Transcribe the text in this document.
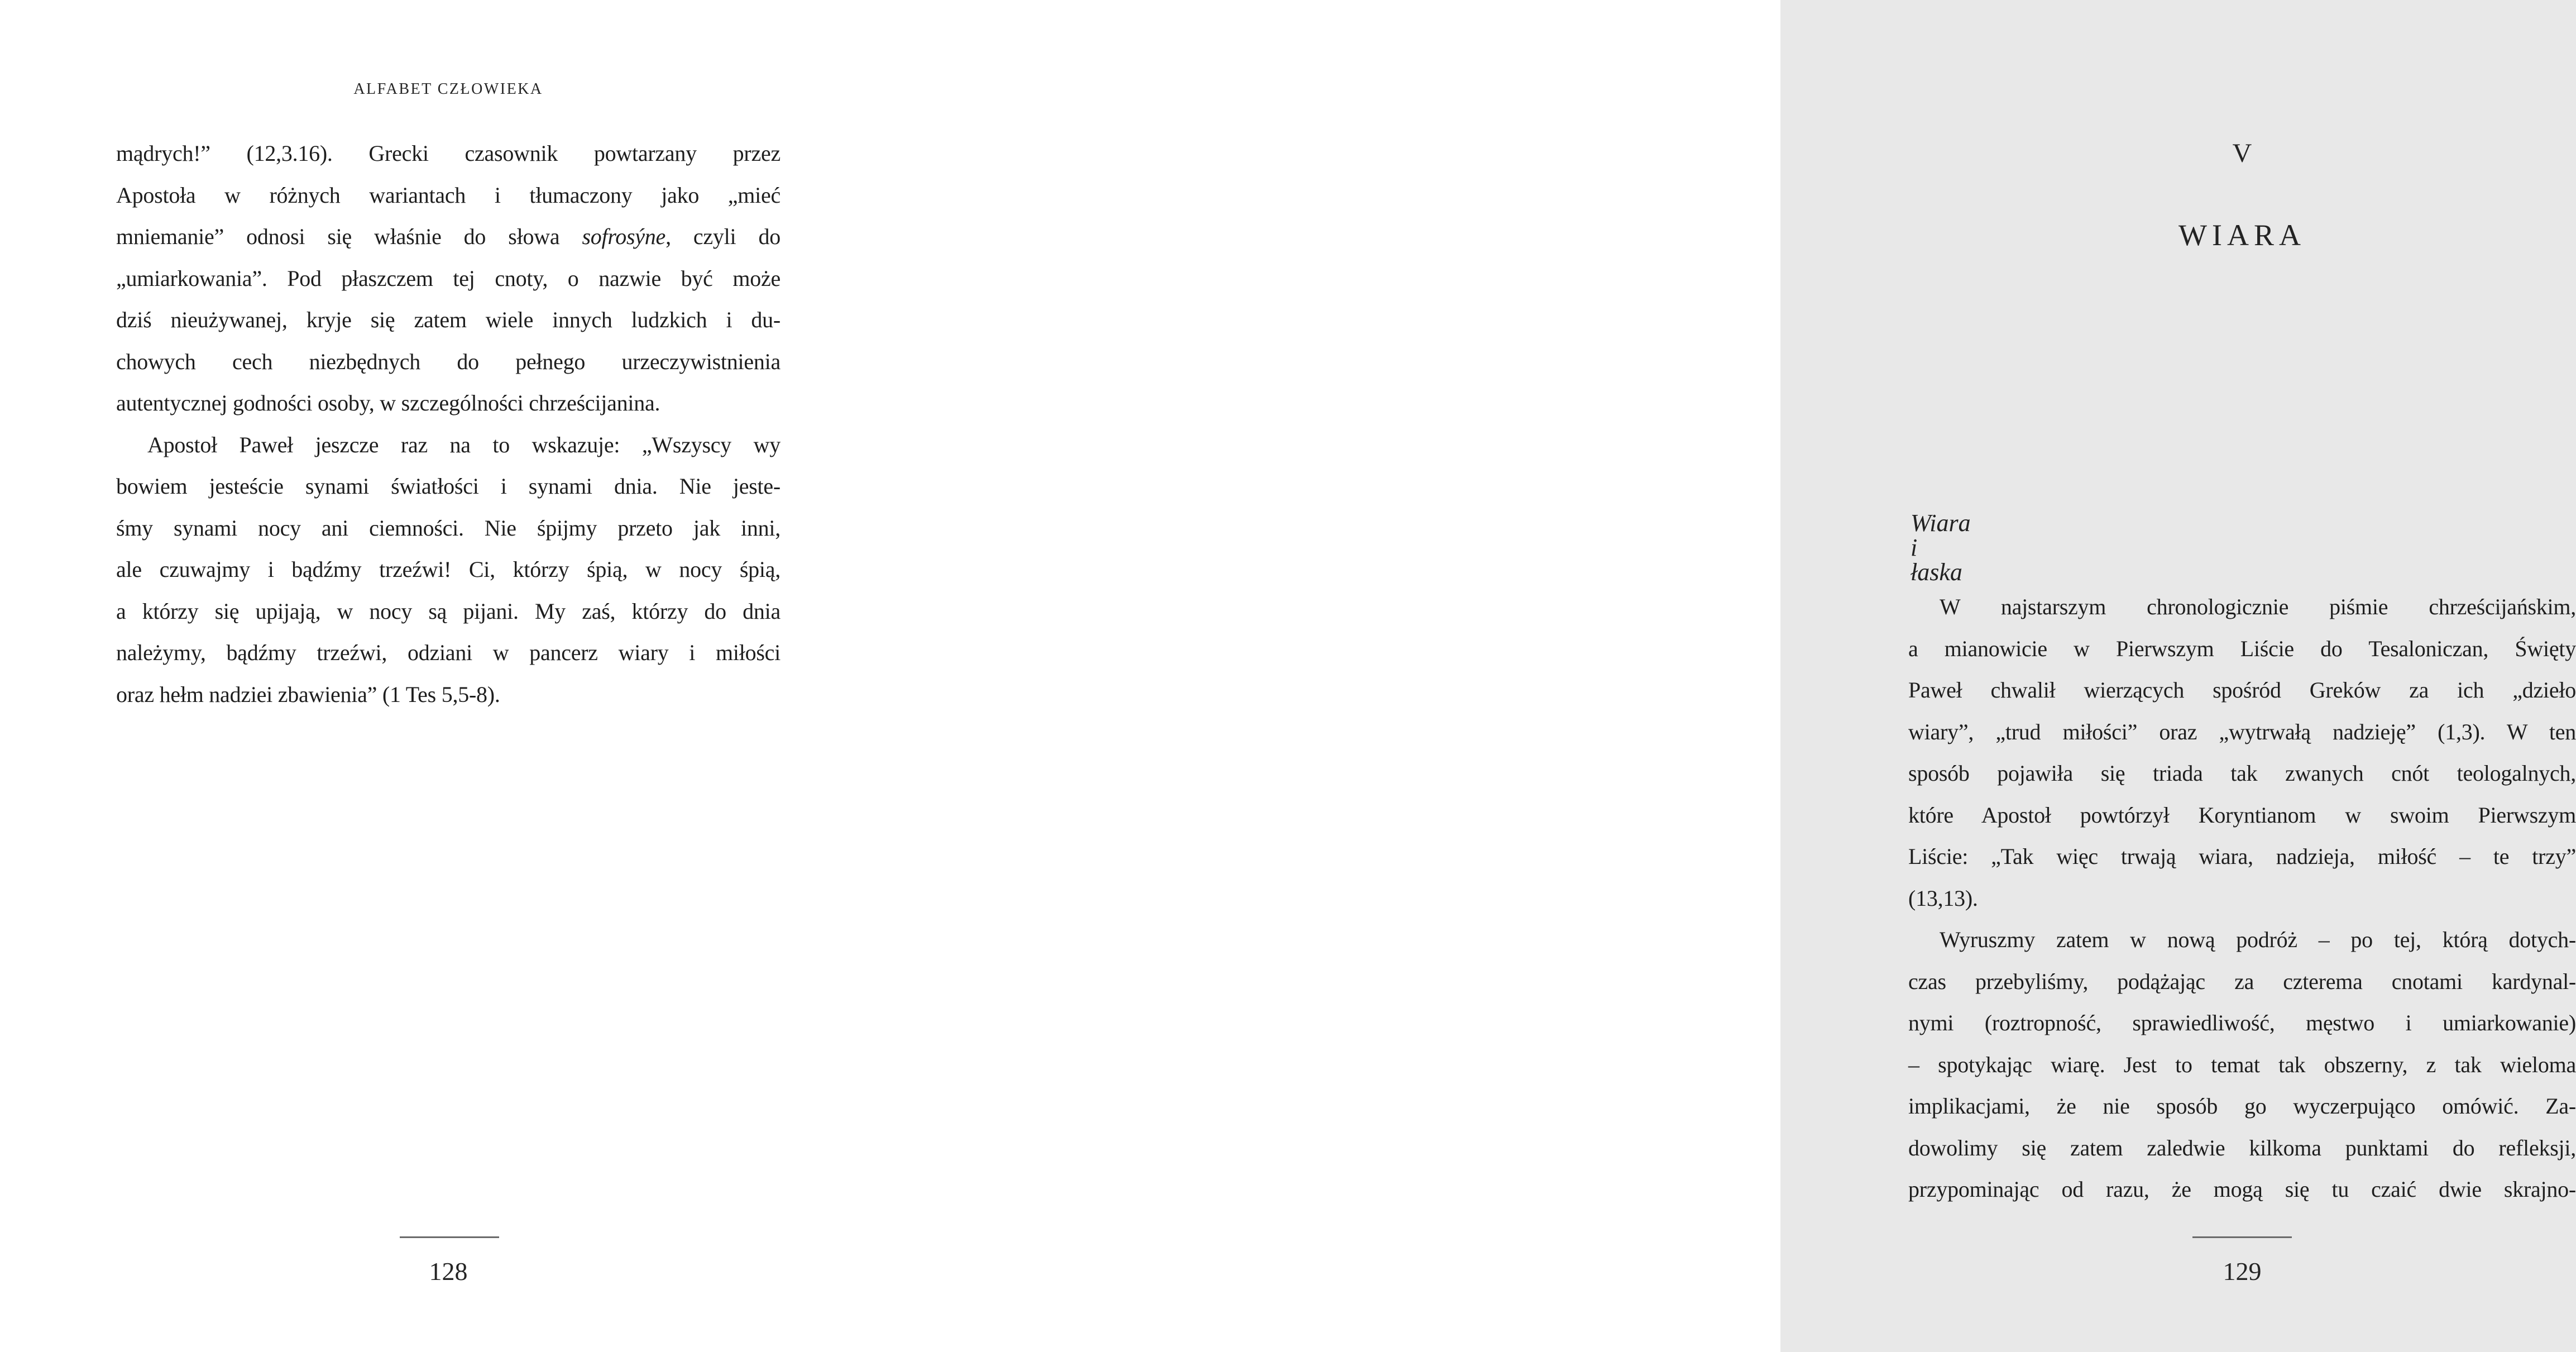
ALFABET CZŁOWIEKA
mądrych!” (12,3.16). Grecki czasownik powtarzany przez
Apostoła w różnych wariantach i tłumaczony jako „mieć
mniemanie” odnosi się właśnie do słowa sofrosýne, czyli do
„umiarkowania”. Pod płaszczem tej cnoty, o nazwie być może
dziś nieużywanej, kryje się zatem wiele innych ludzkich i du-
chowych cech niezbędnych do pełnego urzeczywistnienia
autentycznej godności osoby, w szczególności chrześcijanina.
Apostoł Paweł jeszcze raz na to wskazuje: „Wszyscy wy
bowiem jesteście synami światłości i synami dnia. Nie jeste-
śmy synami nocy ani ciemności. Nie śpijmy przeto jak inni,
ale czuwajmy i bądźmy trzeźwi! Ci, którzy śpią, w nocy śpią,
a którzy się upijają, w nocy są pijani. My zaś, którzy do dnia
należymy, bądźmy trzeźwi, odziani w pancerz wiary i miłości
oraz hełm nadziei zbawienia” (1 Tes 5,5-8).
128
V
WIARA
Wiara i łaska
W najstarszym chronologicznie piśmie chrześcijańskim,
a mianowicie w Pierwszym Liście do Tesaloniczan, Święty
Paweł chwalił wierzących spośród Greków za ich „dzieło
wiary”, „trud miłości” oraz „wytrwałą nadzieję” (1,3). W ten
sposób pojawiła się triada tak zwanych cnót teologalnych,
które Apostoł powtórzył Koryntianom w swoim Pierwszym
Liście: „Tak więc trwają wiara, nadzieja, miłość – te trzy”
(13,13).
Wyruszmy zatem w nową podróż – po tej, którą dotych-
czas przebyliśmy, podążając za czterema cnotami kardynal-
nymi (roztropność, sprawiedliwość, męstwo i umiarkowanie)
– spotykając wiarę. Jest to temat tak obszerny, z tak wieloma
implikacjami, że nie sposób go wyczerpująco omówić. Za-
dowolimy się zatem zaledwie kilkoma punktami do refleksji,
przypominając od razu, że mogą się tu czaić dwie skrajno-
129
